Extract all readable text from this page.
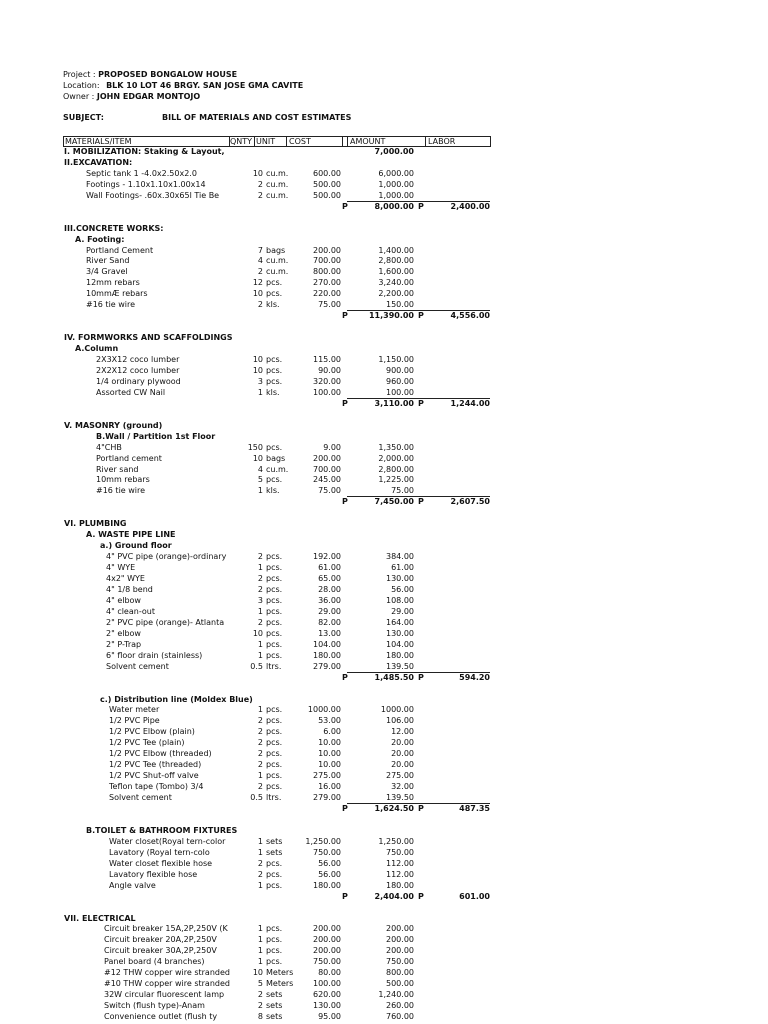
Project : PROPOSED BONGALOW HOUSE
Location: BLK 10 LOT 46 BRGY. SAN JOSE GMA CAVITE
Owner : JOHN EDGAR MONTOJO
SUBJECT:	BILL OF MATERIALS AND COST ESTIMATES
MATERIALS/ITEM	QNTY UNIT COST	AMOUNT	LABOR
I. MOBILIZATION: Staking & Layout,	7,000.00
II.EXCAVATION:
Septic tank 1 -4.0x2.50x2.0	10 cu.m.	600.00	6,000.00
Footings - 1.10x1.10x1.00x14	2 cu.m.	500.00	1,000.00
Wall Footings- .60x.30x65l Tie Be	2 cu.m.	500.00	1,000.00
P	8,000.00 P	2,400.00
III.CONCRETE WORKS:
A. Footing:
Portland Cement	7 bags	200.00	1,400.00
River Sand	4 cu.m.	700.00	2,800.00
3/4 Gravel	2 cu.m.	800.00	1,600.00
12mm rebars	12 pcs.	270.00	3,240.00
10mmÆ rebars	10 pcs.	220.00	2,200.00
#16 tie wire	2 kls.	75.00	150.00
P	11,390.00 P	4,556.00
IV. FORMWORKS AND SCAFFOLDINGS
A.Column
2X3X12 coco lumber	10 pcs.	115.00	1,150.00
2X2X12 coco lumber	10 pcs.	90.00	900.00
1/4 ordinary plywood	3 pcs.	320.00	960.00
Assorted CW Nail	1 kls.	100.00	100.00
P	3,110.00 P	1,244.00
V. MASONRY (ground)
B.Wall / Partition 1st Floor
4"CHB	150 pcs.	9.00	1,350.00
Portland cement	10 bags	200.00	2,000.00
River sand	4 cu.m.	700.00	2,800.00
10mm rebars	5 pcs.	245.00	1,225.00
#16 tie wire	1 kls.	75.00	75.00
P	7,450.00 P	2,607.50
VI. PLUMBING
A. WASTE PIPE LINE
a.) Ground floor
4" PVC pipe (orange)-ordinary	2 pcs.	192.00	384.00
4" WYE	1 pcs.	61.00	61.00
4x2" WYE	2 pcs.	65.00	130.00
4" 1/8 bend	2 pcs.	28.00	56.00
4" elbow	3 pcs.	36.00	108.00
4" clean-out	1 pcs.	29.00	29.00
2" PVC pipe (orange)- Atlanta	2 pcs.	82.00	164.00
2" elbow	10 pcs.	13.00	130.00
2" P-Trap	1 pcs.	104.00	104.00
6" floor drain (stainless)	1 pcs.	180.00	180.00
Solvent cement	0.5 ltrs.	279.00	139.50
P	1,485.50 P	594.20
c.) Distribution line (Moldex Blue)
Water meter	1 pcs.	1000.00	1000.00
1/2 PVC Pipe	2 pcs.	53.00	106.00
1/2 PVC Elbow (plain)	2 pcs.	6.00	12.00
1/2 PVC Tee (plain)	2 pcs.	10.00	20.00
1/2 PVC Elbow (threaded)	2 pcs.	10.00	20.00
1/2 PVC Tee (threaded)	2 pcs.	10.00	20.00
1/2 PVC Shut-off valve	1 pcs.	275.00	275.00
Teflon tape (Tombo) 3/4	2 pcs.	16.00	32.00
Solvent cement	0.5 ltrs.	279.00	139.50
P	1,624.50 P	487.35
B.TOILET & BATHROOM FIXTURES
Water closet(Royal tern-color	1 sets	1,250.00	1,250.00
Lavatory (Royal tern-colo	1 sets	750.00	750.00
Water closet flexible hose	2 pcs.	56.00	112.00
Lavatory flexible hose	2 pcs.	56.00	112.00
Angle valve	1 pcs.	180.00	180.00
P	2,404.00 P	601.00
VII. ELECTRICAL
Circuit breaker 15A,2P,250V (K	1 pcs.	200.00	200.00
Circuit breaker 20A,2P,250V	1 pcs.	200.00	200.00
Circuit breaker 30A,2P,250V	1 pcs.	200.00	200.00
Panel board (4 branches)	1 pcs.	750.00	750.00
#12 THW copper wire stranded	10 Meters	80.00	800.00
#10 THW copper wire stranded	5 Meters	100.00	500.00
32W circular fluorescent lamp	2 sets	620.00	1,240.00
Switch (flush type)-Anam	2 sets	130.00	260.00
Convenience outlet (flush ty	8 sets	95.00	760.00
